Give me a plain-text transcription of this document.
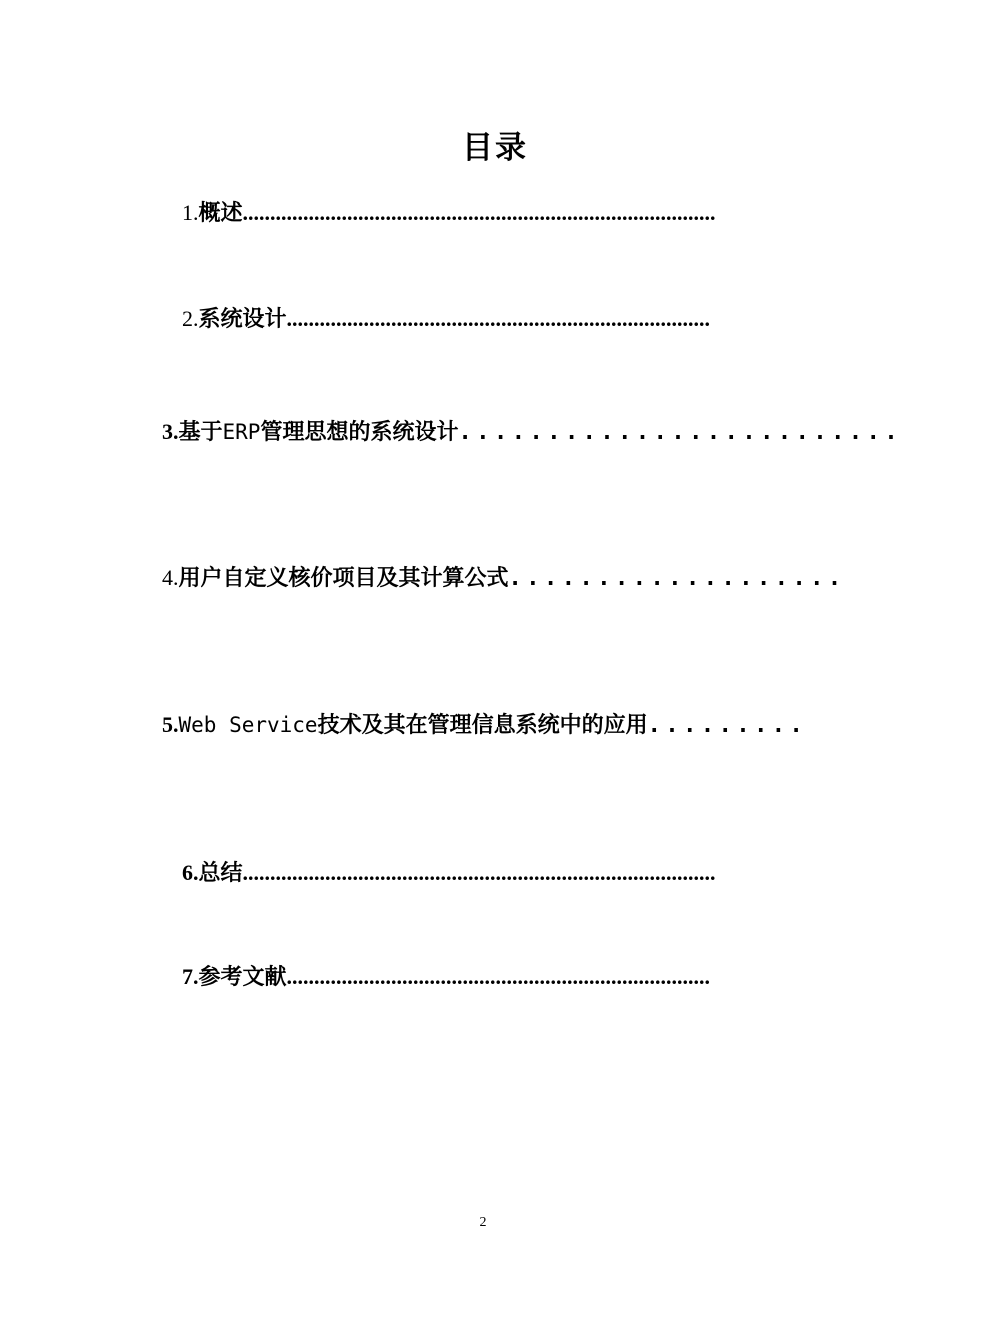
目录
1. 概述 ......................................................................................
2. 系统设计 .............................................................................
3. 基于 ERP 管理思想的系统设计 .........................
4. 用户自定义核价项目及其计算公式 ...................
5. Web Service 技术及其在管理信息系统中的应用 .........
6. 总结 ......................................................................................
7. 参考文献 .............................................................................
2
